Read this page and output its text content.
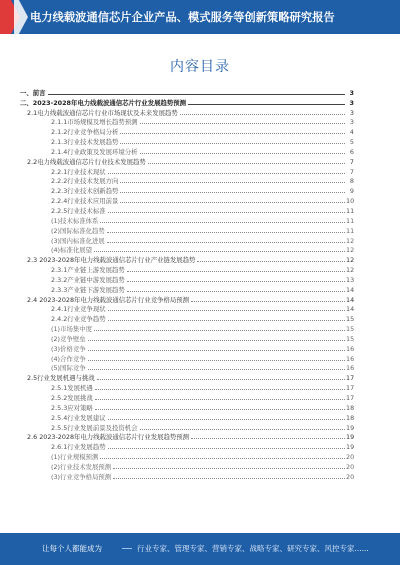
电力线载波通信芯片企业产品、模式服务等创新策略研究报告
内容目录
一、前言	3
二、2023-2028年电力线载波通信芯片行业发展趋势预测	3
2.1电力线载波通信芯片行业市场现状及未来发展趋势	3
2.1.1市场规模及增长趋势预测	3
2.1.2行业竞争格局分析	4
2.1.3行业技术发展趋势	5
2.1.4行业政策及发展环境分析	6
2.2电力线载波通信芯片行业技术发展趋势	7
2.2.1行业技术现状	7
2.2.2行业技术发展方向	8
2.2.3行业技术创新趋势	9
2.2.4行业技术应用前景	10
2.2.5行业技术标准	11
(1)技术标准体系	11
(2)国际标准化趋势	11
(3)国内标准化进展	12
(4)标准化展望	12
2.3 2023-2028年电力线载波通信芯片行业产业链发展趋势	12
2.3.1产业链上游发展趋势	12
2.3.2产业链中游发展趋势	13
2.3.3产业链下游发展趋势	14
2.4 2023-2028年电力线载波通信芯片行业竞争格局预测	14
2.4.1行业竞争现状	14
2.4.2行业竞争趋势	15
(1)市场集中度	15
(2)竞争壁垒	15
(3)价格竞争	16
(4)合作竞争	16
(5)国际竞争	16
2.5行业发展机遇与挑战	17
2.5.1发展机遇	17
2.5.2发展挑战	17
2.5.3应对策略	18
2.5.4行业发展建议	18
2.5.5行业发展前景及投资机会	19
2.6 2023-2028年电力线载波通信芯片行业发展趋势预测	19
2.6.1行业发展趋势	19
(1)行业规模预测	20
(2)行业技术发展预测	20
(3)行业竞争格局预测	20
让每个人都能成为	行业专家、管理专家、营销专家、战略专家、研究专家、风控专家......
